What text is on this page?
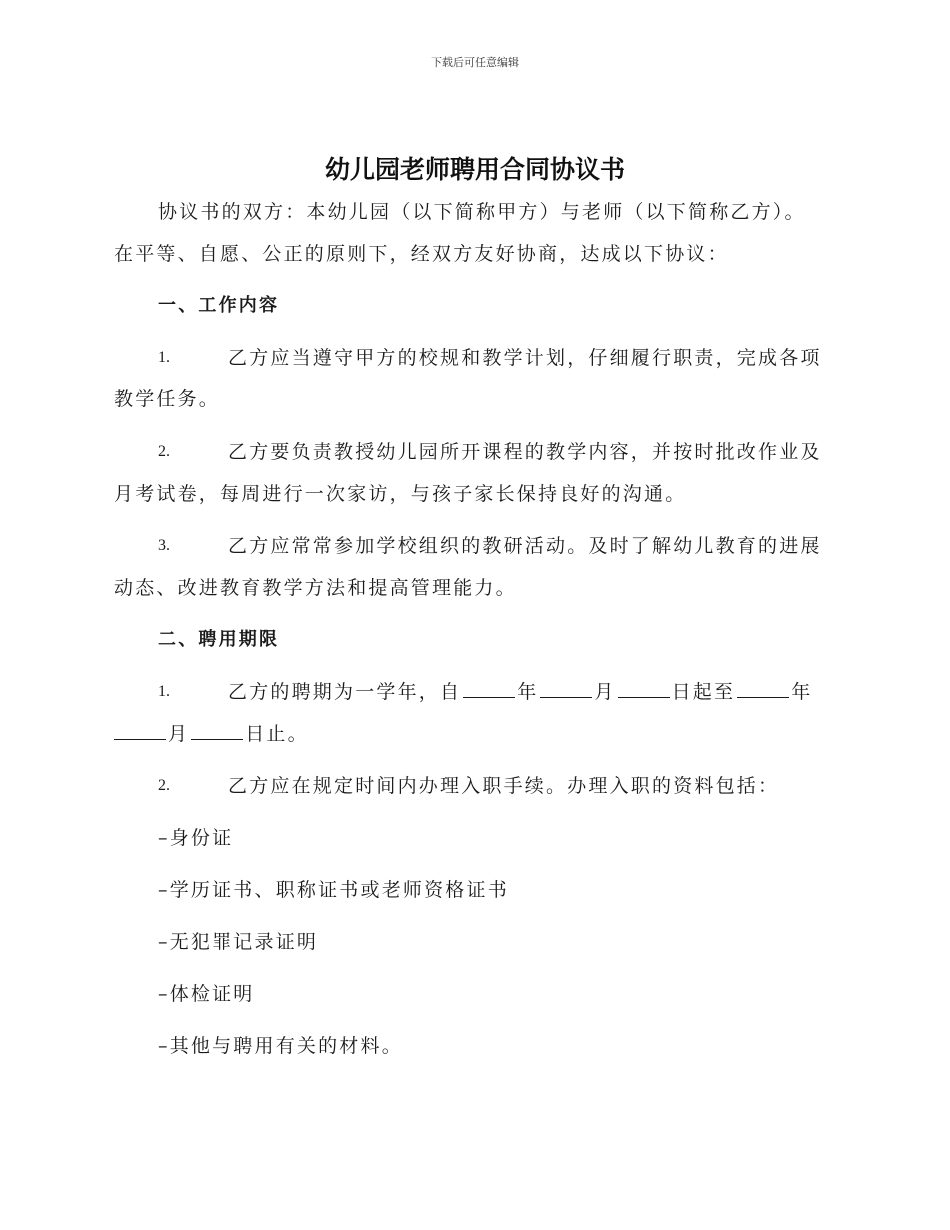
下载后可任意编辑
幼儿园老师聘用合同协议书
协议书的双方：本幼儿园（以下简称甲方）与老师（以下简称乙方）。
在平等、自愿、公正的原则下，经双方友好协商，达成以下协议：
一、工作内容
1.	乙方应当遵守甲方的校规和教学计划，仔细履行职责，完成各项
教学任务。
2.	乙方要负责教授幼儿园所开课程的教学内容，并按时批改作业及
月考试卷，每周进行一次家访，与孩子家长保持良好的沟通。
3.	乙方应常常参加学校组织的教研活动。及时了解幼儿教育的进展
动态、改进教育教学方法和提高管理能力。
二、聘用期限
1.	乙方的聘期为一学年，自	年	月	日起至	年
月	日止。
2.	乙方应在规定时间内办理入职手续。办理入职的资料包括：
–身份证
–学历证书、职称证书或老师资格证书
–无犯罪记录证明
–体检证明
–其他与聘用有关的材料。
